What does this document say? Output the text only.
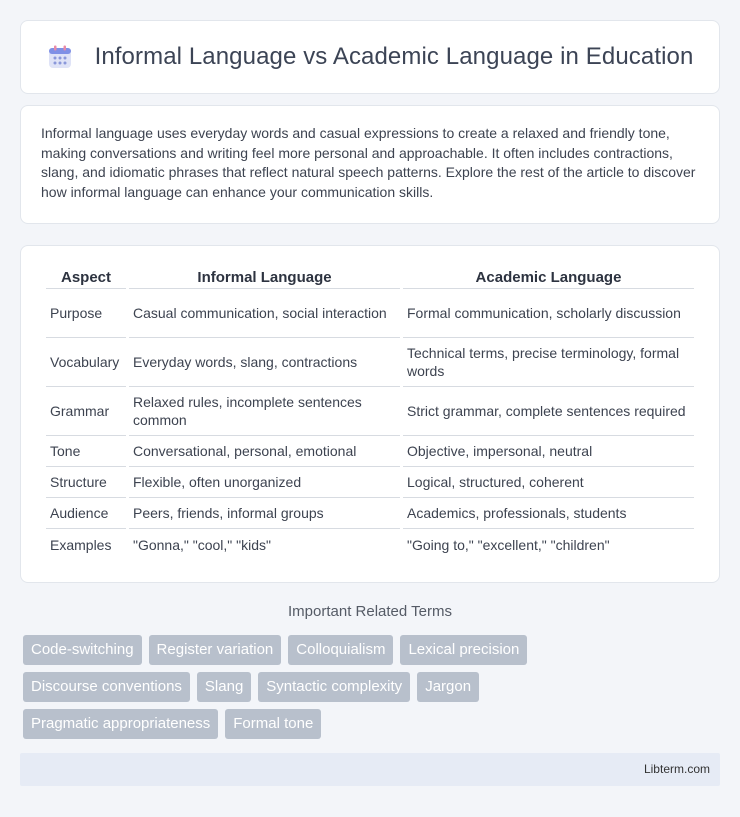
Informal Language vs Academic Language in Education

Informal language uses everyday words and casual expressions to create a relaxed and friendly tone, making conversations and writing feel more personal and approachable. It often includes contractions, slang, and idiomatic phrases that reflect natural speech patterns. Explore the rest of the article to discover how informal language can enhance your communication skills.

Aspect	Informal Language	Academic Language
Purpose	Casual communication, social interaction	Formal communication, scholarly discussion
Vocabulary	Everyday words, slang, contractions	Technical terms, precise terminology, formal words
Grammar	Relaxed rules, incomplete sentences common	Strict grammar, complete sentences required
Tone	Conversational, personal, emotional	Objective, impersonal, neutral
Structure	Flexible, often unorganized	Logical, structured, coherent
Audience	Peers, friends, informal groups	Academics, professionals, students
Examples	"Gonna," "cool," "kids"	"Going to," "excellent," "children"
Important Related Terms
Code-switching	Register variation	Colloquialism	Lexical precision
Discourse conventions	Slang	Syntactic complexity	Jargon
Pragmatic appropriateness	Formal tone
Libterm.com
